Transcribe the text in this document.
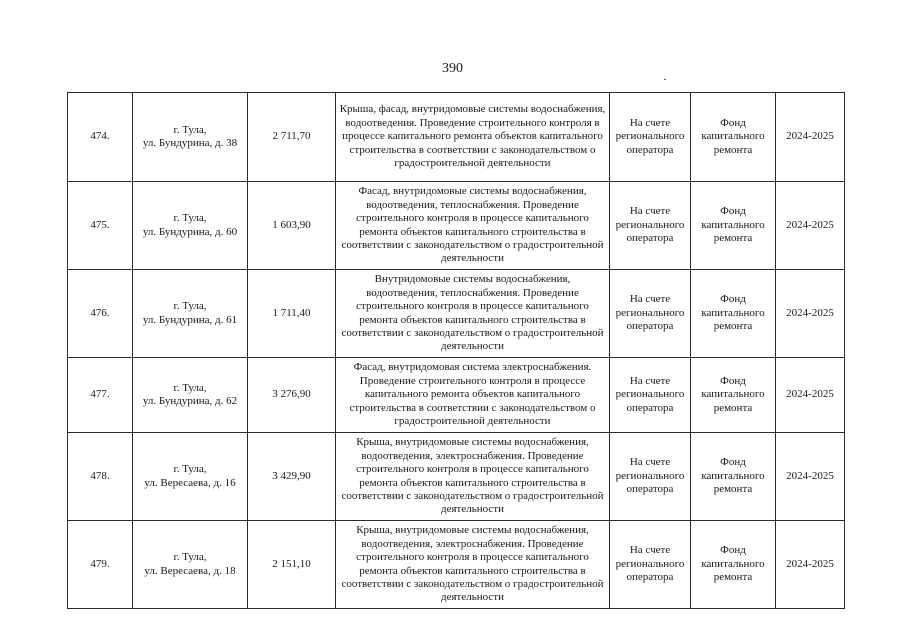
390
474.	г. Тула,
ул. Бундурина, д. 38	2 711,70	Крыша, фасад, внутридомовые системы водоснабжения, водоотведения. Проведение строительного контроля в процессе капитального ремонта объектов капитального строительства в соответствии с законодательством о градостроительной деятельности	На счете регионального оператора	Фонд капитального ремонта	2024-2025
475.	г. Тула,
ул. Бундурина, д. 60	1 603,90	Фасад, внутридомовые системы водоснабжения, водоотведения, теплоснабжения. Проведение строительного контроля в процессе капитального ремонта объектов капитального строительства в соответствии с законодательством о градостроительной деятельности	На счете регионального оператора	Фонд капитального ремонта	2024-2025
476.	г. Тула,
ул. Бундурина, д. 61	1 711,40	Внутридомовые системы водоснабжения, водоотведения, теплоснабжения. Проведение строительного контроля в процессе капитального ремонта объектов капитального строительства в соответствии с законодательством о градостроительной деятельности	На счете регионального оператора	Фонд капитального ремонта	2024-2025
477.	г. Тула,
ул. Бундурина, д. 62	3 276,90	Фасад, внутридомовая система электроснабжения. Проведение строительного контроля в процессе капитального ремонта объектов капитального строительства в соответствии с законодательством о градостроительной деятельности	На счете регионального оператора	Фонд капитального ремонта	2024-2025
478.	г. Тула,
ул. Вересаева, д. 16	3 429,90	Крыша, внутридомовые системы водоснабжения, водоотведения, электроснабжения. Проведение строительного контроля в процессе капитального ремонта объектов капитального строительства в соответствии с законодательством о градостроительной деятельности	На счете регионального оператора	Фонд капитального ремонта	2024-2025
479.	г. Тула,
ул. Вересаева, д. 18	2 151,10	Крыша, внутридомовые системы водоснабжения, водоотведения, электроснабжения. Проведение строительного контроля в процессе капитального ремонта объектов капитального строительства в соответствии с законодательством о градостроительной деятельности	На счете регионального оператора	Фонд капитального ремонта	2024-2025
